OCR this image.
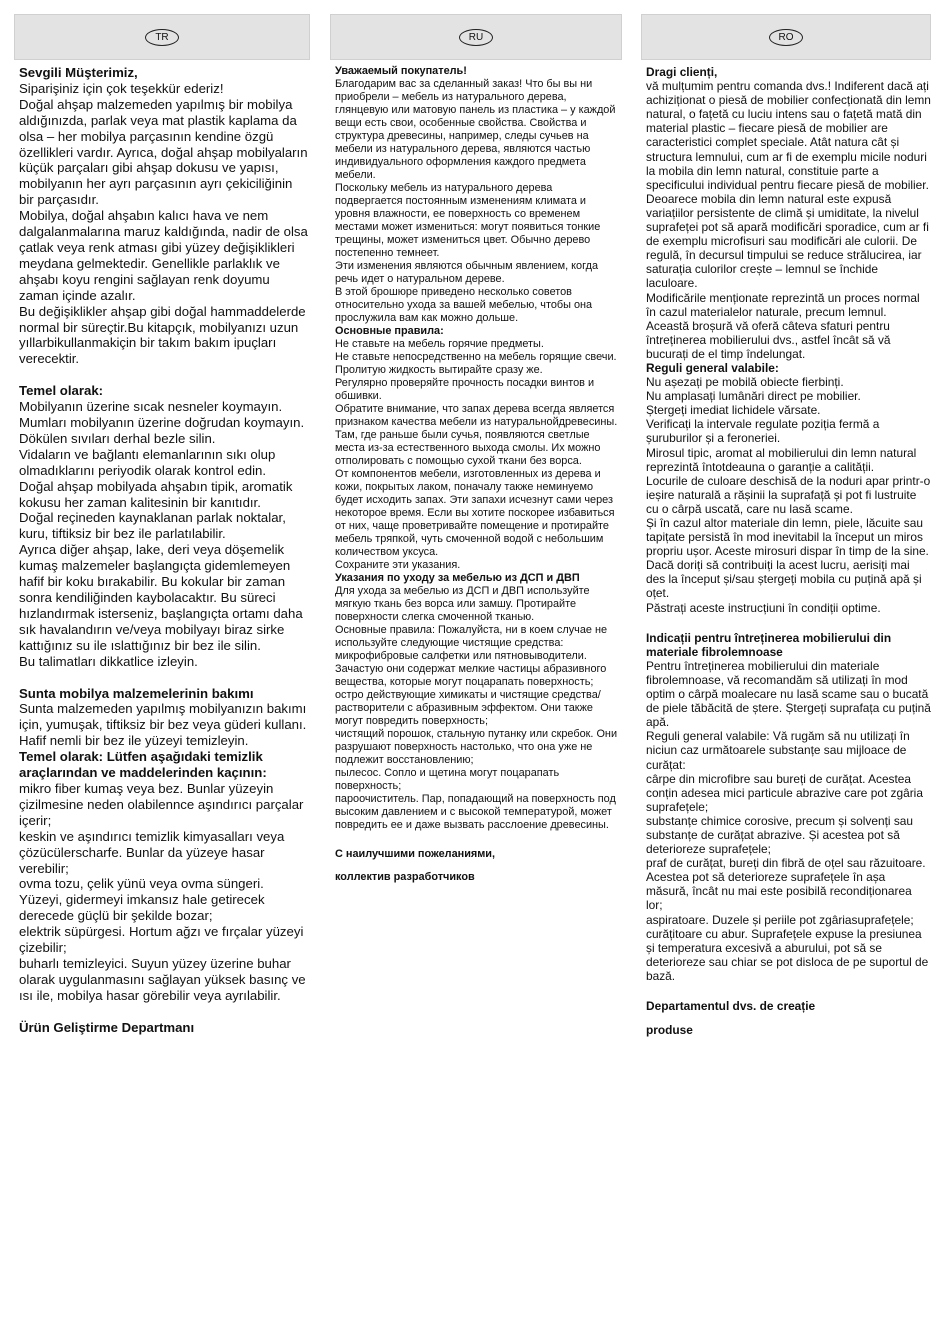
TR

Sevgili Müşterimiz,

Siparişiniz için çok teşekkür ederiz!

Doğal ahşap malzemeden yapılmış bir mobilya aldığınızda, parlak veya mat plastik kaplama da olsa – her mobilya parçasının kendine özgü özellikleri vardır. Ayrıca, doğal ahşap mobilyaların küçük parçaları gibi ahşap dokusu ve yapısı, mobilyanın her ayrı parçasının ayrı çekiciliğinin bir parçasıdır.

Mobilya, doğal ahşabın kalıcı hava ve nem dalgalanmalarına maruz kaldığında, nadir de olsa çatlak veya renk atması gibi yüzey değişiklikleri meydana gelmektedir. Genellikle parlaklık ve ahşabı koyu rengini sağlayan renk doyumu zaman içinde azalır.

Bu değişiklikler ahşap gibi doğal hammaddelerde

normal bir süreçtir.Bu kitapçık, mobilyanızı uzun yıllarbikullanmakiçin bir takım bakım ipuçları verecektir.

Temel olarak:

Mobilyanın üzerine sıcak nesneler koymayın.

Mumları mobilyanın üzerine doğrudan koymayın.

Dökülen sıvıları derhal bezle silin.

Vidaların ve bağlantı elemanlarının sıkı olup olmadıklarını periyodik olarak kontrol edin.

Doğal ahşap mobilyada ahşabın tipik, aromatik kokusu her zaman kalitesinin bir kanıtıdır.

Doğal reçineden kaynaklanan parlak noktalar, kuru, tiftiksiz bir bez ile parlatılabilir.

Ayrıca diğer ahşap, lake, deri veya döşemelik kumaş malzemeler başlangıçta gidemlemeyen hafif bir koku bırakabilir. Bu kokular bir zaman sonra kendiliğinden kaybolacaktır. Bu süreci hızlandırmak isterseniz, başlangıçta ortamı daha sık havalandırın ve/veya mobilyayı biraz sirke kattığınız su ile ıslattığınız bir bez ile silin.

Bu talimatları dikkatlice izleyin.

Sunta mobilya malzemelerinin bakımı

Sunta malzemeden yapılmış mobilyanızın bakımı için, yumuşak, tiftiksiz bir bez veya güderi kullanı. Hafif nemli bir bez ile yüzeyi temizleyin.

Temel olarak: Lütfen aşağıdaki temizlik araçlarından ve maddelerinden kaçının:

mikro fiber kumaş veya bez. Bunlar yüzeyin çizilmesine neden olabilennce aşındırıcı parçalar içerir;

keskin ve aşındırıcı temizlik kimyasalları veya çözücülerscharfe. Bunlar da yüzeye hasar verebilir;

ovma tozu, çelik yünü veya ovma süngeri. Yüzeyi, gidermeyi imkansız hale getirecek derecede güçlü bir şekilde bozar;

elektrik süpürgesi. Hortum ağzı ve fırçalar yüzeyi çizebilir;

buharlı temizleyici. Suyun yüzey üzerine buhar olarak uygulanmasını sağlayan yüksek basınç ve ısı ile, mobilya hasar görebilir veya ayrılabilir.

Ürün Geliştirme Departmanı

RU

Уважаемый покупатель!

Благодарим вас за сделанный заказ! Что бы вы ни приобрели – мебель из натурального дерева, глянцевую или матовую панель из пластика – у каждой вещи есть свои, особенные свойства. Свойства и структура древесины, например, следы сучьев на мебели из натурального дерева, являются частью индивидуального оформления каждого предмета мебели.

Поскольку мебель из натурального дерева подвергается постоянным изменениям климата и уровня влажности, ее поверхность со временем местами может измениться: могут появиться тонкие трещины, может измениться цвет. Обычно дерево постепенно темнеет.

Эти изменения являются обычным явлением, когда речь идет о натуральном дереве.

В этой брошюре приведено несколько советов относительно ухода за вашей мебелью, чтобы она прослужила вам как можно дольше.

Основные правила:

Не ставьте на мебель горячие предметы.

Не ставьте непосредственно на мебель горящие свечи.

Пролитую жидкость вытирайте сразу же.

Регулярно проверяйте прочность посадки винтов и обшивки.

Обратите внимание, что запах дерева всегда является признаком качества мебели из натуральнойдревесины. Там, где раньше были сучья, появляются светлые места из-за естественного выхода смолы. Их можно отполировать с помощью сухой ткани без ворса.

От компонентов мебели, изготовленных из дерева и кожи, покрытых лаком, поначалу также неминуемо будет исходить запах. Эти запахи исчезнут сами через некоторое время. Если вы хотите поскорее избавиться от них, чаще проветривайте помещение и протирайте мебель тряпкой, чуть смоченной водой с небольшим количеством уксуса.

Сохраните эти указания.

Указания по уходу за мебелью из ДСП и ДВП

Для ухода за мебелью из ДСП и ДВП используйте мягкую ткань без ворса или замшу. Протирайте поверхности слегка смоченной тканью.

Основные правила: Пожалуйста, ни в коем случае не используйте следующие чистящие средства:

микрофибровые салфетки или пятновыводители. Зачастую они содержат мелкие частицы абразивного вещества, которые могут поцарапать поверхность;

остро действующие химикаты и чистящие средства/растворители с абразивным эффектом. Они также могут повредить поверхность;

чистящий порошок, стальную путанку или скребок. Они разрушают поверхность настолько, что она уже не подлежит восстановлению;

пылесос. Сопло и щетина могут поцарапать поверхность;

пароочиститель. Пар, попадающий на поверхность под высоким давлением и с высокой температурой, может повредить ее и даже вызвать расслоение древесины.

С наилучшими пожеланиями,

коллектив разработчиков

RO

Dragi clienți,

vă mulțumim pentru comanda dvs.! Indiferent dacă ați achiziționat o piesă de mobilier confecționată din lemn natural, o fațetă cu luciu intens sau o fațetă mată din material plastic – fiecare piesă de mobilier are caracteristici complet speciale. Atât natura cât și structura lemnului, cum ar fi de exemplu micile noduri la mobila din lemn natural, constituie parte a specificului individual pentru fiecare piesă de mobilier.

Deoarece mobila din lemn natural este expusă variațiilor persistente de climă și umiditate, la nivelul suprafeței pot să apară modificări sporadice, cum ar fi de exemplu microfisuri sau modificări ale culorii. De regulă, în decursul timpului se reduce strălucirea, iar saturația culorilor crește – lemnul se închide laculoare.

Modificările menționate reprezintă un proces normal în cazul materialelor naturale, precum lemnul.

Această broșură vă oferă câteva sfaturi pentru întreținerea mobilierului dvs., astfel încât să vă bucurați de el timp îndelungat.

Reguli general valabile:

Nu așezați pe mobilă obiecte fierbinți.

Nu amplasați lumânări direct pe mobilier.

Ștergeți imediat lichidele vărsate.

Verificați la intervale regulate poziția fermă a șuruburilor și a feroneriei.

Mirosul tipic, aromat al mobilierului din lemn natural reprezintă întotdeauna o garanție a calității.

Locurile de culoare deschisă de la noduri apar printr-o ieșire naturală a rășinii la suprafață și pot fi lustruite cu o cârpă uscată, care nu lasă scame.

Și în cazul altor materiale din lemn, piele, lăcuite sau tapițate persistă în mod inevitabil la început un miros propriu ușor. Aceste mirosuri dispar în timp de la sine. Dacă doriți să contribuiți la acest lucru, aerisiți mai des la început și/sau ștergeți mobila cu puțină apă și oțet.

Păstrați aceste instrucțiuni în condiții optime.

Indicații pentru întreținerea mobilierului din materiale fibrolemnoase

Pentru întreținerea mobilierului din materiale fibrolemnoase, vă recomandăm să utilizați în mod optim o cârpă moalecare nu lasă scame sau o bucată de piele tăbăcită de ștere. Ștergeți suprafața cu puțină apă.

Reguli general valabile: Vă rugăm să nu utilizați în niciun caz următoarele substanțe sau mijloace de curățat:

cârpe din microfibre sau bureți de curățat. Acestea conțin adesea mici particule abrazive care pot zgâria suprafețele;

substanțe chimice corosive, precum și solvenți sau substanțe de curățat abrazive. Și acestea pot să deterioreze suprafețele;

praf de curățat, bureți din fibră de oțel sau răzuitoare. Acestea pot să deterioreze suprafețele în așa măsură, încât nu mai este posibilă recondiționarea lor;

aspiratoare. Duzele și periile pot zgâriasuprafețele;

curățitoare cu abur. Suprafețele expuse la presiunea și temperatura excesivă a aburului, pot să se deterioreze sau chiar se pot disloca de pe suportul de bază.

Departamentul dvs. de creație

produse
